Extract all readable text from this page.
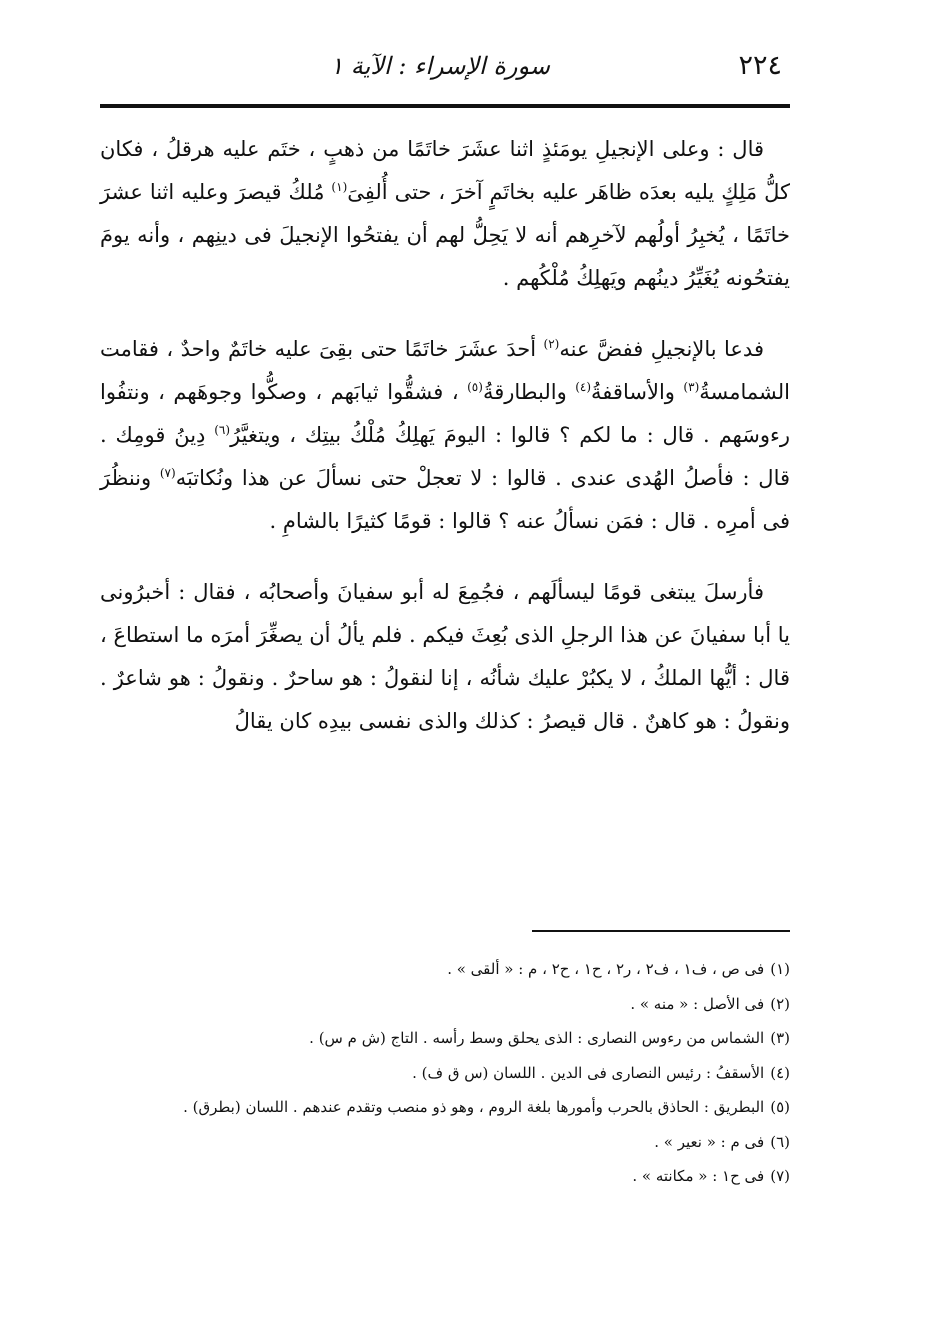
٢٢٤
سورة الإسراء : الآية ١

قال : وعلى الإنجيلِ يومَئذٍ اثنا عشَرَ خاتَمًا من ذهبٍ ، ختَم عليه هرقلُ ، فكان كلُّ مَلِكٍ يليه بعدَه ظاهَر عليه بخاتَمٍ آخرَ ، حتى أُلفِىَ$^{(١)}$ مُلكُ قيصرَ وعليه اثنا عشرَ خاتَمًا ، يُخبِرُ أولُهم لآخرِهم أنه لا يَحِلُّ لهم أن يفتحُوا الإنجيلَ فى دينِهم ، وأنه يومَ يفتحُونه يُغَيِّرُ دينُهم ويَهلِكُ مُلْكُهم .

فدعا بالإنجيلِ ففضَّ عنه$^{(٢)}$ أحدَ عشَرَ خاتَمًا حتى بقِىَ عليه خاتَمٌ واحدٌ ، فقامت الشمامسةُ$^{(٣)}$ والأساقفةُ$^{(٤)}$ والبطارقةُ$^{(٥)}$ ، فشقُّوا ثيابَهم ، وصكُّوا وجوهَهم ، ونتفُوا رءوسَهم . قال : ما لكم ؟ قالوا : اليومَ يَهلِكُ مُلْكُ بيتِك ، ويتغيَّرُ$^{(٦)}$ دِينُ قومِك . قال : فأصلُ الهُدى عندى . قالوا : لا تعجلْ حتى نسألَ عن هذا ونُكاتبَه$^{(٧)}$ وننظُرَ فى أمرِه . قال : فمَن نسألُ عنه ؟ قالوا : قومًا كثيرًا بالشامِ .

فأرسلَ يبتغى قومًا ليسألَهم ، فجُمِعَ له أبو سفيانَ وأصحابُه ، فقال : أخبرُونى يا أبا سفيانَ عن هذا الرجلِ الذى بُعِثَ فيكم . فلم يألُ أن يصغِّرَ أمرَه ما استطاعَ ، قال : أيُّها الملكُ ، لا يكبُرْ عليك شأنُه ، إنا لنقولُ : هو ساحرٌ . ونقولُ : هو شاعرٌ . ونقولُ : هو كاهنٌ . قال قيصرُ : كذلك والذى نفسى بيدِه كان يقالُ

(١)فى ص ، ف١ ، ف٢ ، ر٢ ، ح١ ، ح٢ ، م : « ألقى » .

(٢)فى الأصل : « منه » .

(٣)الشماس من رءوس النصارى : الذى يحلق وسط رأسه . التاج (ش م س) .

(٤)الأسقفُ : رئيس النصارى فى الدين . اللسان (س ق ف) .

(٥)البطريق : الحاذق بالحرب وأمورها بلغة الروم ، وهو ذو منصب وتقدم عندهم . اللسان (بطرق) .

(٦)فى م : « نعير » .

(٧)فى ح١ : « مكانته » .
